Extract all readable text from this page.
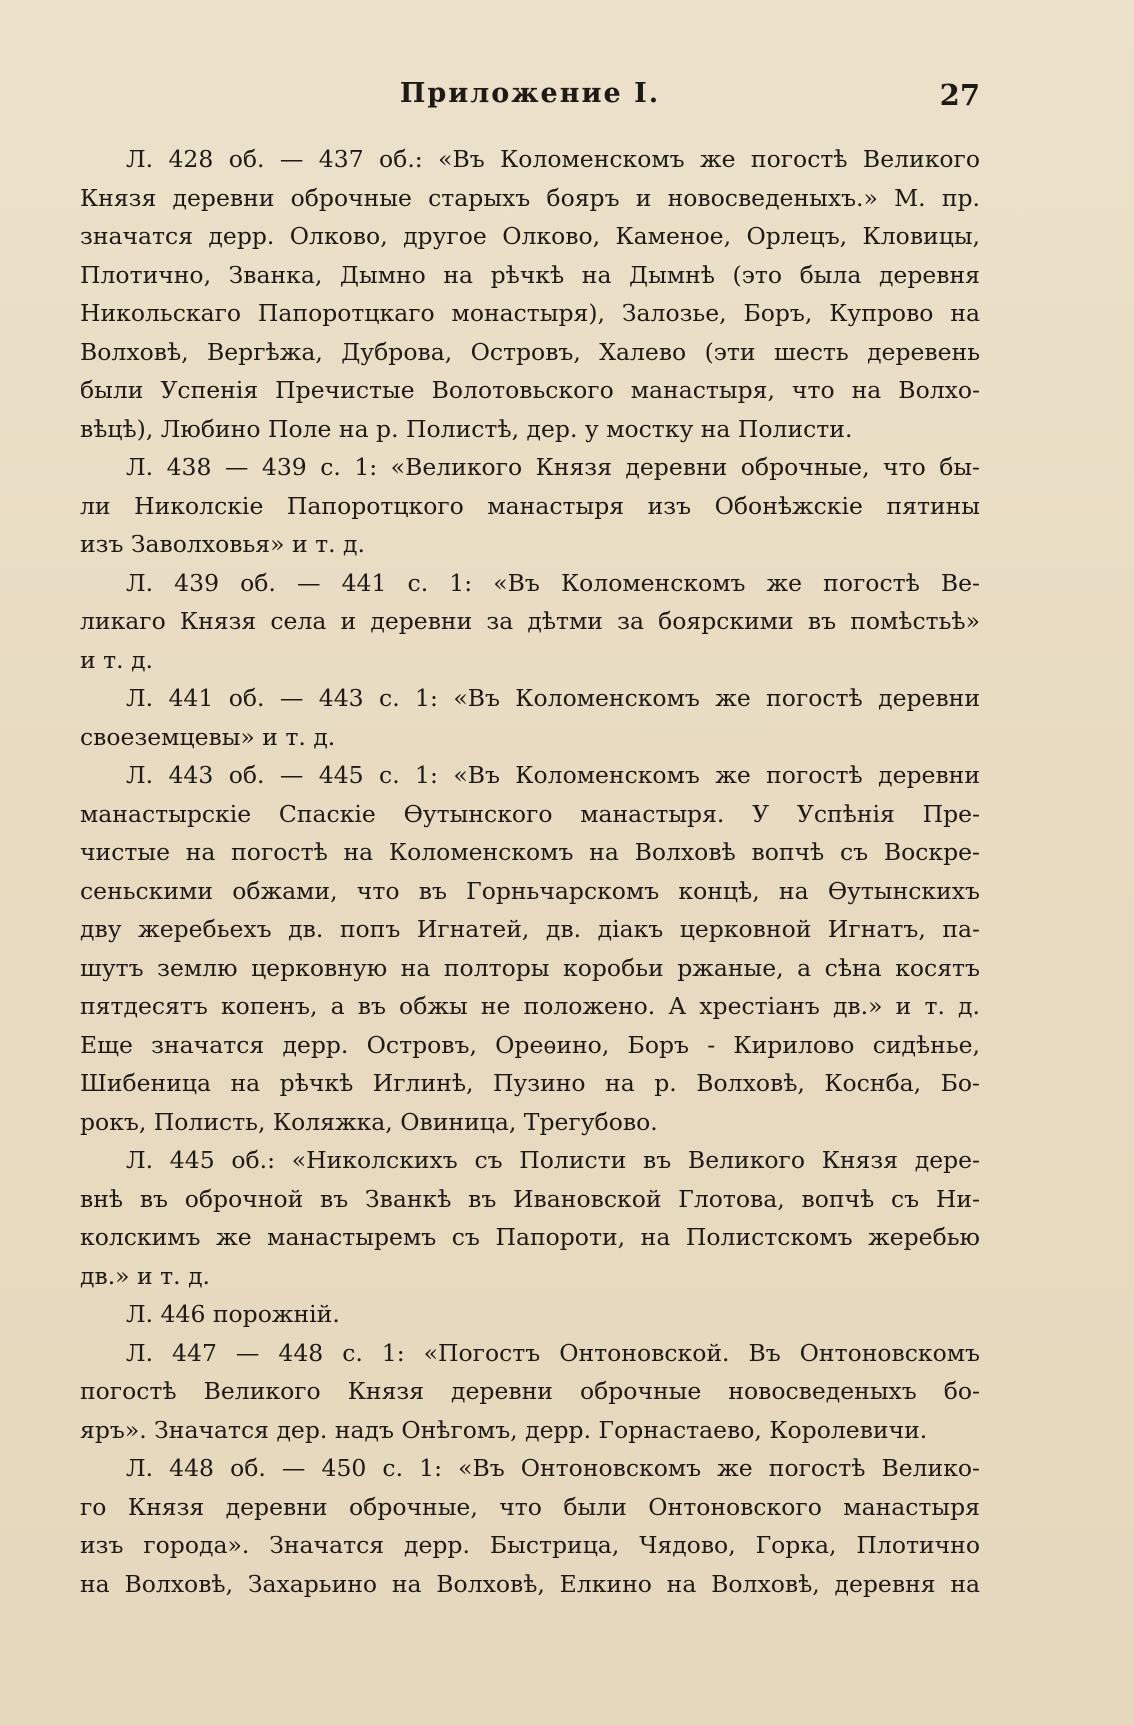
Приложение I.	27
Л. 428 об. — 437 об.: «Въ Коломенскомъ же погостѣ Великого
Князя деревни оброчные старыхъ бояръ и новосведеныхъ.» М. пр.
значатся дерр. Олково, другое Олково, Каменое, Орлецъ, Кловицы,
Плотично, Званка, Дымно на рѣчкѣ на Дымнѣ (это была деревня
Никольскаго Папоротцкаго монастыря), Залозье, Боръ, Купрово на
Волховѣ, Вергѣжа, Дуброва, Островъ, Халево (эти шесть деревень
были Успенія Пречистые Волотовьского манастыря, что на Волхо-
вѣцѣ), Любино Поле на р. Полистѣ, дер. у мостку на Полисти.
Л. 438 — 439 с. 1: «Великого Князя деревни оброчные, что бы-
ли Николскіе Папоротцкого манастыря изъ Обонѣжскіе пятины
изъ Заволховья» и т. д.
Л. 439 об. — 441 с. 1: «Въ Коломенскомъ же погостѣ Ве-
ликаго Князя села и деревни за дѣтми за боярскими въ помѣстьѣ»
и т. д.
Л. 441 об. — 443 с. 1: «Въ Коломенскомъ же погостѣ деревни
своеземцевы» и т. д.
Л. 443 об. — 445 с. 1: «Въ Коломенскомъ же погостѣ деревни
манастырскіе Спаскіе Ѳутынского манастыря. У Успѣнія Пре-
чистые на погостѣ на Коломенскомъ на Волховѣ вопчѣ съ Воскре-
сеньскими обжами, что въ Горньчарскомъ концѣ, на Ѳутынскихъ
дву жеребьехъ дв. попъ Игнатей, дв. діакъ церковной Игнатъ, па-
шутъ землю церковную на полторы коробьи ржаные, а сѣна косятъ
пятдесятъ копенъ, а въ обжы не положено. А хрестіанъ дв.» и т. д.
Еще значатся дерр. Островъ, Ореѳино, Боръ - Кирилово сидѣнье,
Шибеница на рѣчкѣ Иглинѣ, Пузино на р. Волховѣ, Коснба, Бо-
рокъ, Полисть, Коляжка, Овиница, Трегубово.
Л. 445 об.: «Николскихъ съ Полисти въ Великого Князя дере-
внѣ въ оброчной въ Званкѣ въ Ивановской Глотова, вопчѣ съ Ни-
колскимъ же манастыремъ съ Папороти, на Полистскомъ жеребью
дв.» и т. д.
Л. 446 порожній.
Л. 447 — 448 с. 1: «Погостъ Онтоновской. Въ Онтоновскомъ
погостѣ Великого Князя деревни оброчные новосведеныхъ бо-
яръ». Значатся дер. надъ Онѣгомъ, дерр. Горнастаево, Королевичи.
Л. 448 об. — 450 с. 1: «Въ Онтоновскомъ же погостѣ Велико-
го Князя деревни оброчные, что были Онтоновского манастыря
изъ города». Значатся дерр. Быстрица, Чядово, Горка, Плотично
на Волховѣ, Захарьино на Волховѣ, Елкино на Волховѣ, деревня на
